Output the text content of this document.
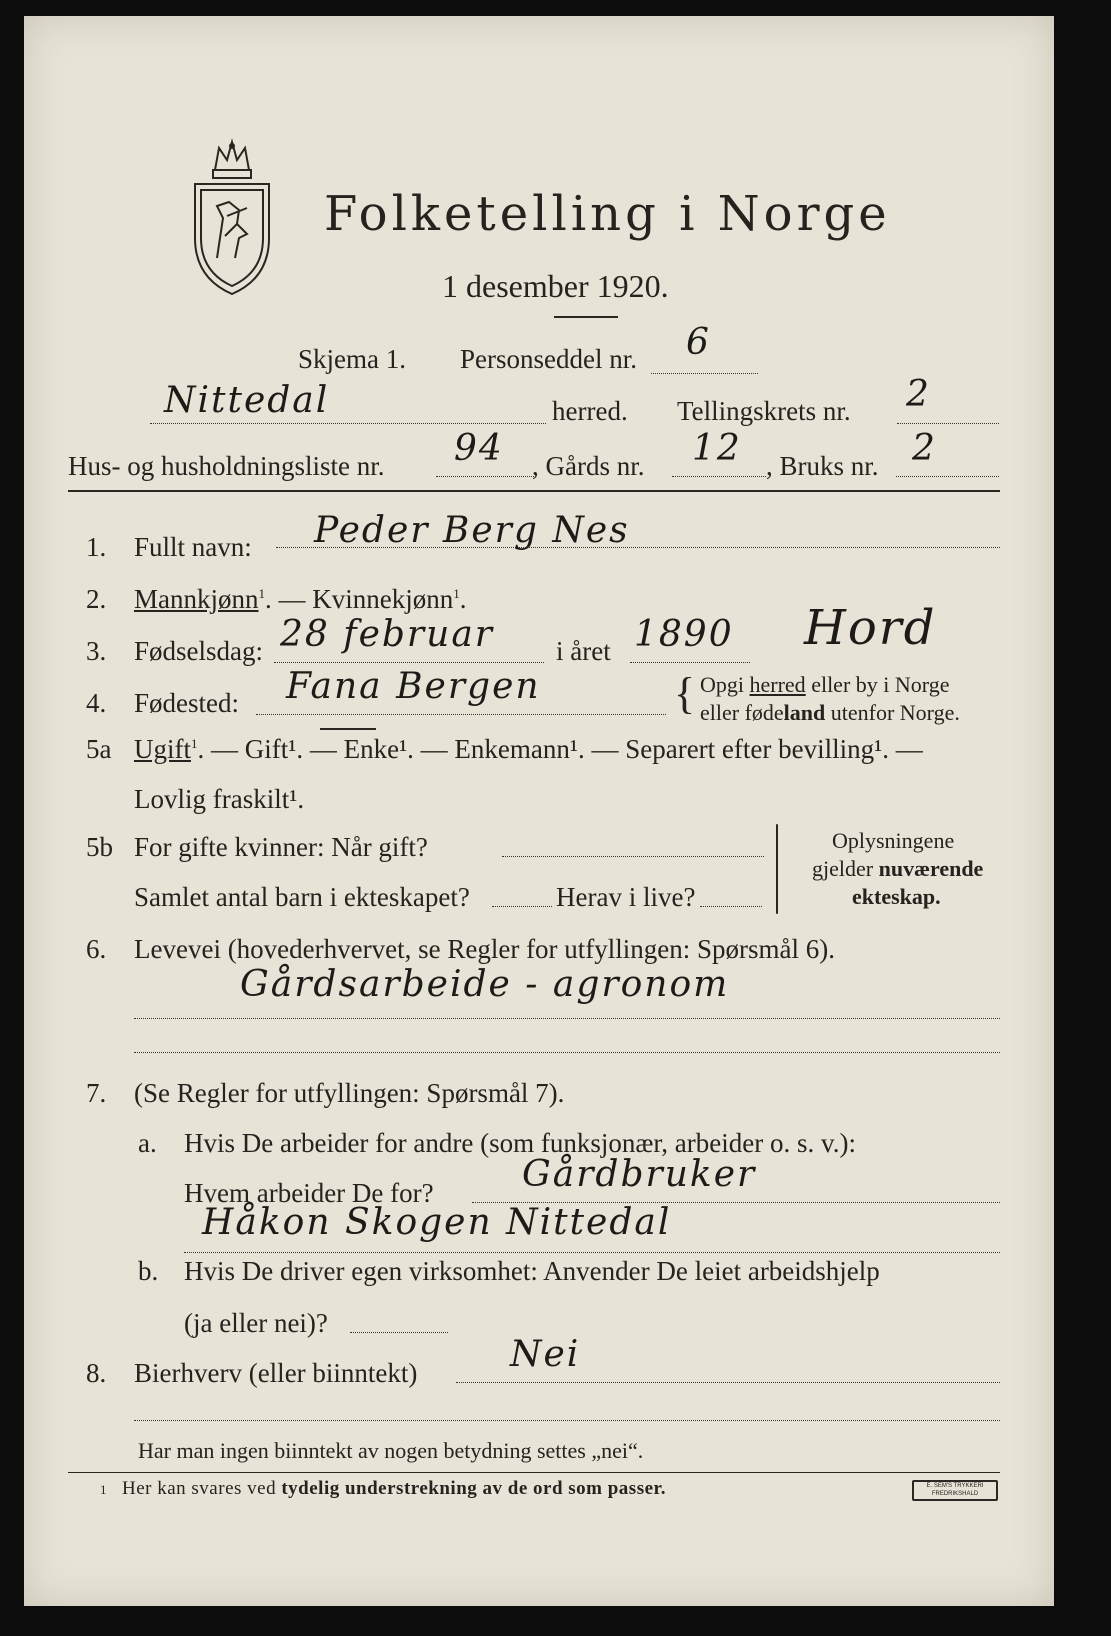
Folketelling i Norge
1 desember 1920.
Skjema 1. Personseddel nr. 6
Nittedal	herred. Tellingskrets nr. 2
Hus- og husholdningsliste nr. 94 , Gårds nr. 12 , Bruks nr. 2
1. Fullt navn: Peder Berg Nes
2. Mannkjønn$^1$. — Kvinnekjønn$^1$.
3. Fødselsdag: 28 februar i året 1890 Hord
4. Fødested: Fana Bergen	{ Opgi herred eller by i Norge
eller fødeland utenfor Norge.
5a Ugift$^1$. — Gift¹. — Enke¹. — Enkemann¹. — Separert efter bevilling¹. —
Lovlig fraskilt¹.
5b For gifte kvinner: Når gift?
Samlet antal barn i ekteskapet?	Herav i live?
Oplysningene
gjelder nuværende
ekteskap.
6. Levevei (hovederhvervet, se Regler for utfyllingen: Spørsmål 6).
Gårdsarbeide - agronom
7. (Se Regler for utfyllingen: Spørsmål 7).
a. Hvis De arbeider for andre (som funksjonær, arbeider o. s. v.):
Hvem arbeider De for? Gårdbruker
Håkon Skogen Nittedal
b. Hvis De driver egen virksomhet: Anvender De leiet arbeidshjelp
(ja eller nei)?
8. Bierhverv (eller biinntekt)	Nei
Har man ingen biinntekt av nogen betydning settes „nei“.
1 Her kan svares ved tydelig understrekning av de ord som passer.	E. SEM'S TRYKKERI FREDRIKSHALD
